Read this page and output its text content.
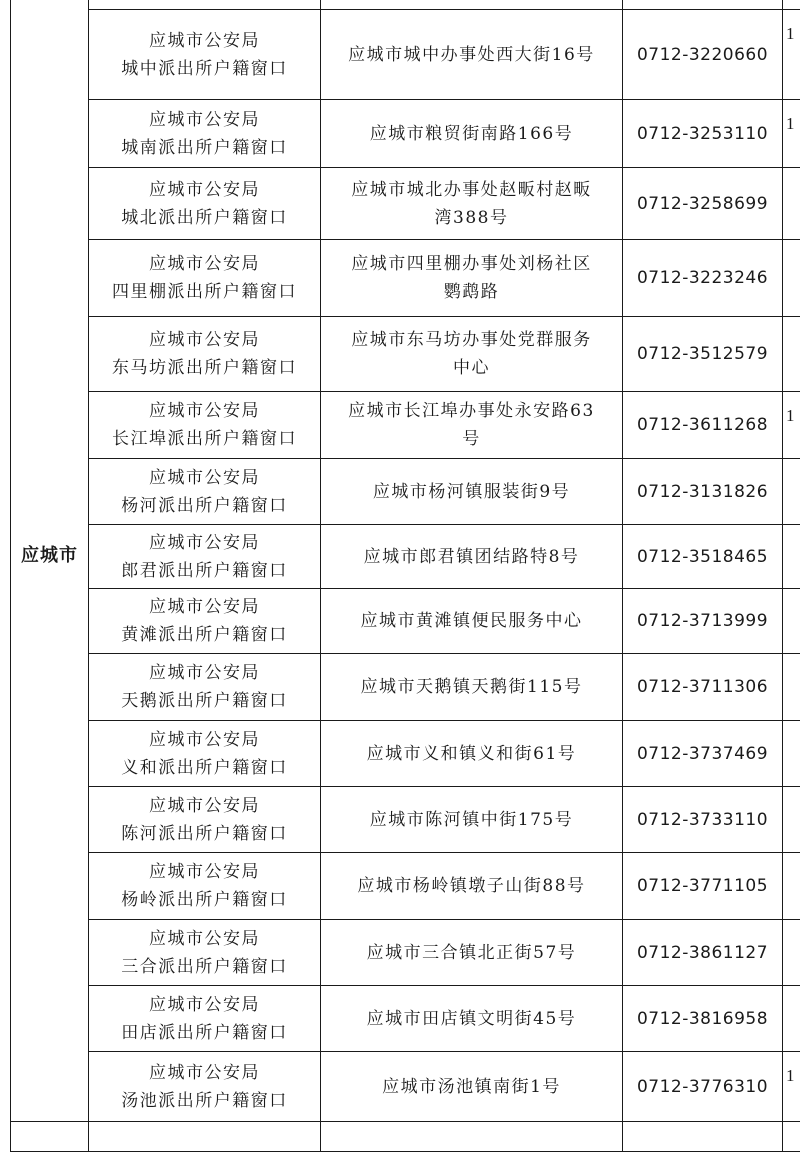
应城市	

	应城市公安局
城中派出所户籍窗口	应城市城中办事处西大街16号	0712-3220660	1

	应城市公安局
城南派出所户籍窗口	应城市粮贸街南路166号	0712-3253110	1

	应城市公安局
城北派出所户籍窗口	应城市城北办事处赵畈村赵畈
湾388号	0712-3258699	

	应城市公安局
四里棚派出所户籍窗口	应城市四里棚办事处刘杨社区
鹦鹉路	0712-3223246	

	应城市公安局
东马坊派出所户籍窗口	应城市东马坊办事处党群服务
中心	0712-3512579	

	应城市公安局
长江埠派出所户籍窗口	应城市长江埠办事处永安路63
号	0712-3611268	1

	应城市公安局
杨河派出所户籍窗口	应城市杨河镇服装街9号	0712-3131826	

	应城市公安局
郎君派出所户籍窗口	应城市郎君镇团结路特8号	0712-3518465	

	应城市公安局
黄滩派出所户籍窗口	应城市黄滩镇便民服务中心	0712-3713999	

	应城市公安局
天鹅派出所户籍窗口	应城市天鹅镇天鹅街115号	0712-3711306	

	应城市公安局
义和派出所户籍窗口	应城市义和镇义和街61号	0712-3737469	

	应城市公安局
陈河派出所户籍窗口	应城市陈河镇中街175号	0712-3733110	

	应城市公安局
杨岭派出所户籍窗口	应城市杨岭镇墩子山街88号	0712-3771105	

	应城市公安局
三合派出所户籍窗口	应城市三合镇北正街57号	0712-3861127	

	应城市公安局
田店派出所户籍窗口	应城市田店镇文明街45号	0712-3816958	

	应城市公安局
汤池派出所户籍窗口	应城市汤池镇南街1号	0712-3776310	1
